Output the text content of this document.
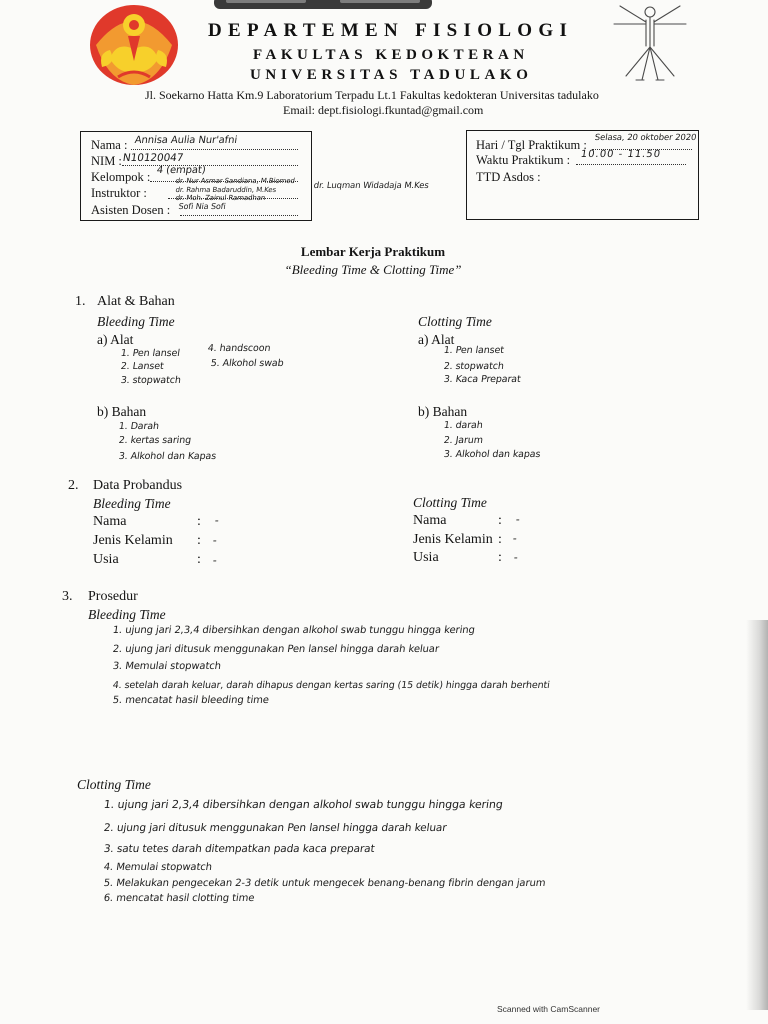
DEPARTEMEN FISIOLOGI
FAKULTAS KEDOKTERAN
UNIVERSITAS TADULAKO
Jl. Soekarno Hatta Km.9 Laboratorium Terpadu Lt.1 Fakultas kedokteran Universitas tadulako
Email: dept.fisiologi.fkuntad@gmail.com
Nama : Annisa Aulia Nur'afni
NIM : N10120047
Kelompok : 4 (empat)
Instruktor :
dr. Nur Asmar Sandiana, M.Biomed
dr. Rahma Badaruddin, M.Kes
dr. Moh. Zainul Ramadhan
Asisten Dosen : Sofi Nia Sofi
dr. Luqman Widadaja M.Kes
Hari / Tgl Praktikum : Selasa, 20 oktober 2020
Waktu Praktikum : 10.00 - 11.50
TTD Asdos :
Lembar Kerja Praktikum
“Bleeding Time & Clotting Time”
1. Alat & Bahan
Bleeding Time
a) Alat
1. Pen lansel
2. Lanset
3. stopwatch
4. handscoon
5. Alkohol swab
b) Bahan
1. Darah
2. kertas saring
3. Alkohol dan Kapas
Clotting Time
a) Alat
1. Pen lanset
2. stopwatch
3. Kaca Preparat
b) Bahan
1. darah
2. Jarum
3. Alkohol dan kapas
2. Data Probandus
Bleeding Time
Nama	: -
Jenis Kelamin : -
Usia	: -
Clotting Time
Nama	: -
Jenis Kelamin : -
Usia	: -
3. Prosedur
Bleeding Time
1. ujung jari 2,3,4 dibersihkan dengan alkohol swab tunggu hingga kering
2. ujung jari ditusuk menggunakan Pen lansel hingga darah keluar
3. Memulai stopwatch
4. setelah darah keluar, darah dihapus dengan kertas saring (15 detik) hingga darah berhenti
5. mencatat hasil bleeding time
Clotting Time
1. ujung jari 2,3,4 dibersihkan dengan alkohol swab tunggu hingga kering
2. ujung jari ditusuk menggunakan Pen lansel hingga darah keluar
3. satu tetes darah ditempatkan pada kaca preparat
4. Memulai stopwatch
5. Melakukan pengecekan 2-3 detik untuk mengecek benang-benang fibrin dengan jarum
6. mencatat hasil clotting time
Scanned with CamScanner
